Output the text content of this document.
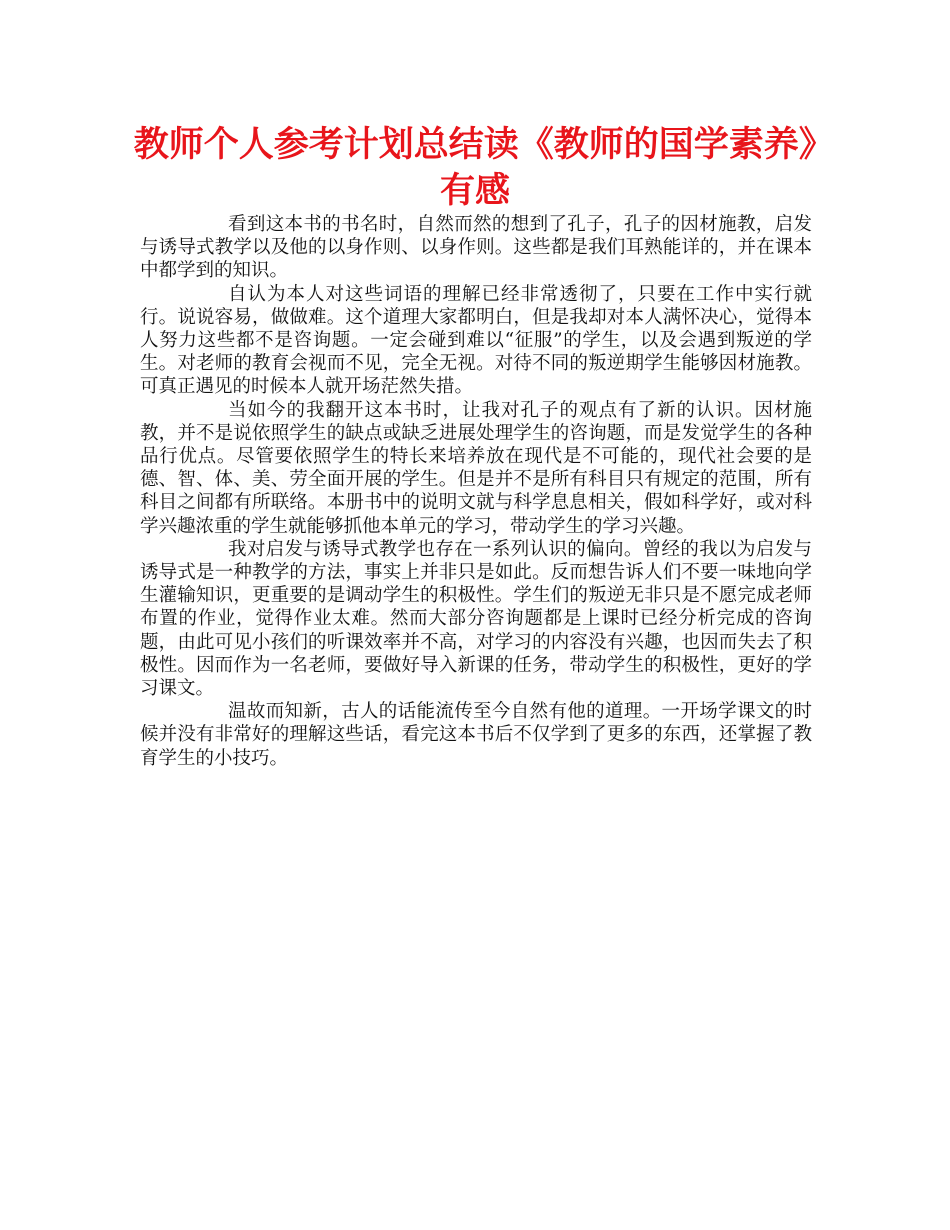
教师个人参考计划总结读《教师的国学素养》有感

看到这本书的书名时，自然而然的想到了孔子，孔子的因材施教，启发与诱导式教学以及他的以身作则、以身作则。这些都是我们耳熟能详的，并在课本中都学到的知识。

自认为本人对这些词语的理解已经非常透彻了，只要在工作中实行就行。说说容易，做做难。这个道理大家都明白，但是我却对本人满怀决心，觉得本人努力这些都不是咨询题。一定会碰到难以“征服”的学生，以及会遇到叛逆的学生。对老师的教育会视而不见，完全无视。对待不同的叛逆期学生能够因材施教。可真正遇见的时候本人就开场茫然失措。

当如今的我翻开这本书时，让我对孔子的观点有了新的认识。因材施教，并不是说依照学生的缺点或缺乏进展处理学生的咨询题，而是发觉学生的各种品行优点。尽管要依照学生的特长来培养放在现代是不可能的，现代社会要的是德、智、体、美、劳全面开展的学生。但是并不是所有科目只有规定的范围，所有科目之间都有所联络。本册书中的说明文就与科学息息相关，假如科学好，或对科学兴趣浓重的学生就能够抓他本单元的学习，带动学生的学习兴趣。

我对启发与诱导式教学也存在一系列认识的偏向。曾经的我以为启发与诱导式是一种教学的方法，事实上并非只是如此。反而想告诉人们不要一味地向学生灌输知识，更重要的是调动学生的积极性。学生们的叛逆无非只是不愿完成老师布置的作业，觉得作业太难。然而大部分咨询题都是上课时已经分析完成的咨询题，由此可见小孩们的听课效率并不高，对学习的内容没有兴趣，也因而失去了积极性。因而作为一名老师，要做好导入新课的任务，带动学生的积极性，更好的学习课文。

温故而知新，古人的话能流传至今自然有他的道理。一开场学课文的时候并没有非常好的理解这些话，看完这本书后不仅学到了更多的东西，还掌握了教育学生的小技巧。
